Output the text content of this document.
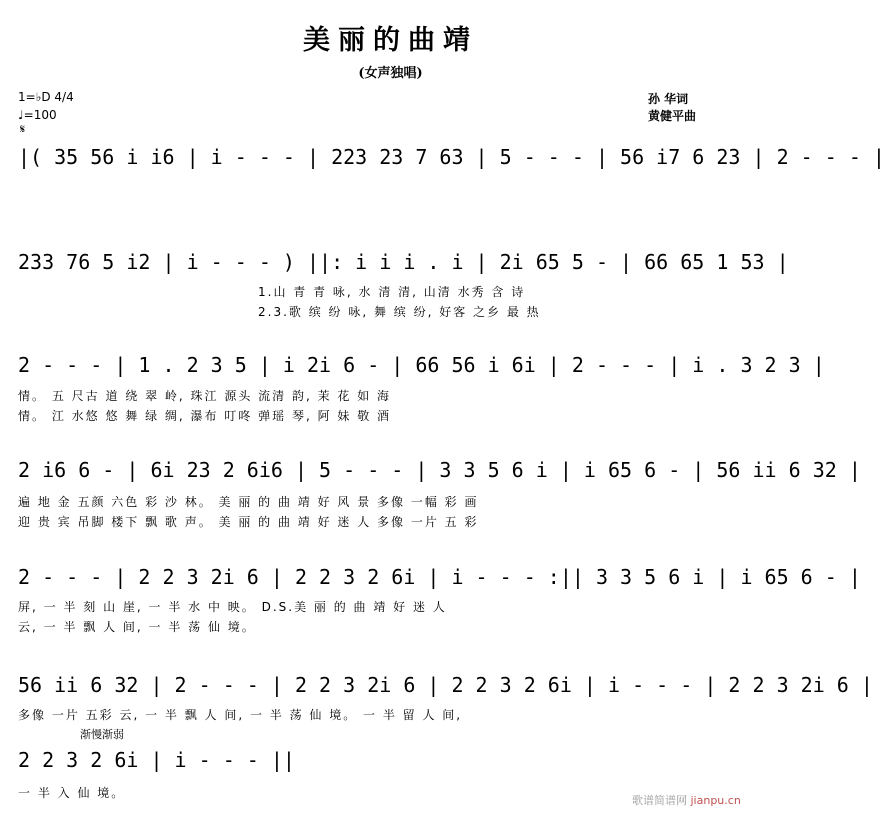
美丽的曲靖
(女声独唱)
1=♭D 4/4
♩=100
𝄋
孙 华词
黄健平曲
|( 35 56 i i6 | i - - - | 223 23 7 63 | 5 - - - | 56 i7 6 23 | 2 - - - |
233 76 5 i2 | i - - - ) ||: i i i . i | 2i 65 5 - | 66 65 1 53 |
1.山 青 青 咏, 水 清 清, 山清 水秀 含 诗
2.3.歌 缤 纷 咏, 舞 缤 纷, 好客 之乡 最 热
2 - - - | 1 . 2 3 5 | i 2i 6 - | 66 56 i 6i | 2 - - - | i . 3 2 3 |
情。 五 尺古 道 绕 翠 岭, 珠江 源头 流清 韵, 茉 花 如 海
情。 江 水悠 悠 舞 绿 绸, 瀑布 叮咚 弹瑶 琴, 阿 妹 敬 酒
2 i6 6 - | 6i 23 2 6i6 | 5 - - - | 3 3 5 6 i | i 65 6 - | 56 ii 6 32 |
遍 地 金 五颜 六色 彩 沙 林。 美 丽 的 曲 靖 好 风 景 多像 一幅 彩 画
迎 贵 宾 吊脚 楼下 飘 歌 声。 美 丽 的 曲 靖 好 迷 人 多像 一片 五 彩
2 - - - | 2 2 3 2i 6 | 2 2 3 2 6i | i - - - :|| 3 3 5 6 i | i 65 6 - |
屏, 一 半 刻 山 崖, 一 半 水 中 映。 D.S.美 丽 的 曲 靖 好 迷 人
云, 一 半 飘 人 间, 一 半 荡 仙 境。
56 ii 6 32 | 2 - - - | 2 2 3 2i 6 | 2 2 3 2 6i | i - - - | 2 2 3 2i 6 |
多像 一片 五彩 云, 一 半 飘 人 间, 一 半 荡 仙 境。 一 半 留 人 间,
渐慢渐弱
2 2 3 2 6i | i - - - ||
一 半 入 仙 境。
歌谱简谱网 jianpu.cn
